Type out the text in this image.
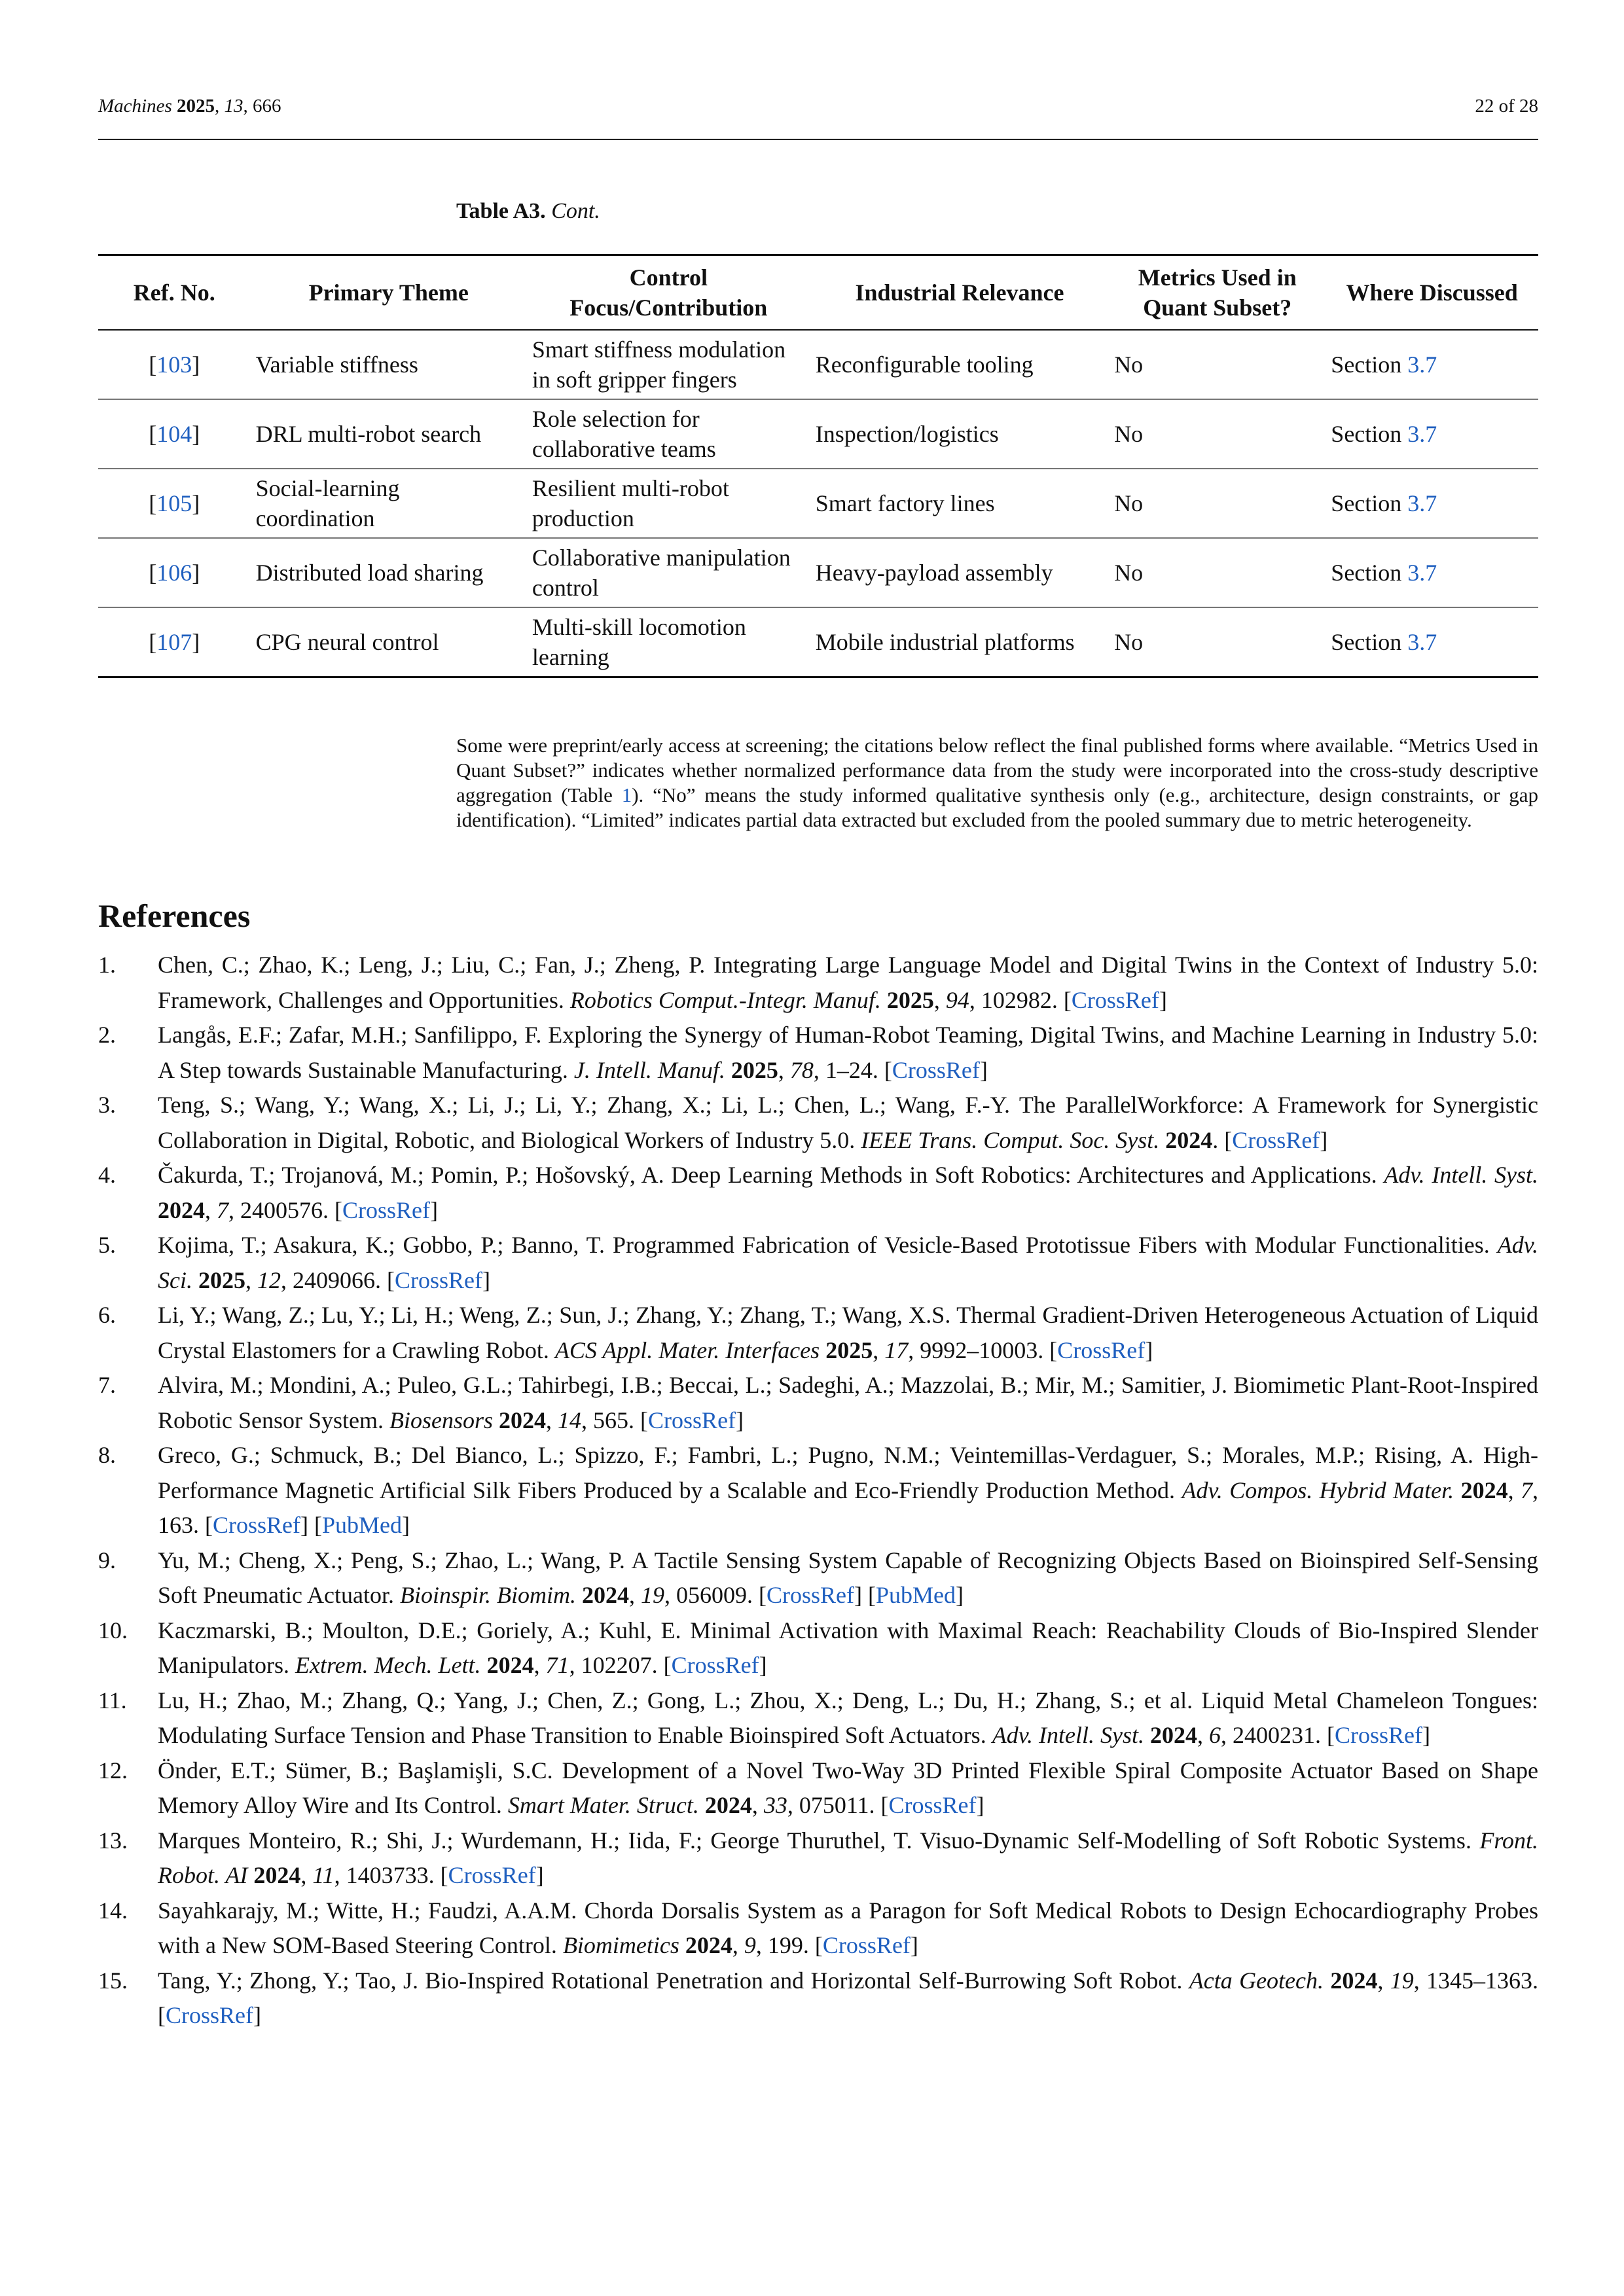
Machines 2025, 13, 666	22 of 28
Table A3. Cont.
Ref. No.	Primary Theme	Control Focus/Contribution	Industrial Relevance	Metrics Used in Quant Subset?	Where Discussed
[103]	Variable stiffness	Smart stiffness modulation in soft gripper fingers	Reconfigurable tooling	No	Section 3.7
[104]	DRL multi-robot search	Role selection for collaborative teams	Inspection/logistics	No	Section 3.7
[105]	Social-learning coordination	Resilient multi-robot production	Smart factory lines	No	Section 3.7
[106]	Distributed load sharing	Collaborative manipulation control	Heavy-payload assembly	No	Section 3.7
[107]	CPG neural control	Multi-skill locomotion learning	Mobile industrial platforms	No	Section 3.7
Some were preprint/early access at screening; the citations below reflect the final published forms where available. “Metrics Used in Quant Subset?” indicates whether normalized performance data from the study were incorporated into the cross-study descriptive aggregation (Table 1). “No” means the study informed qualitative synthesis only (e.g., architecture, design constraints, or gap identification). “Limited” indicates partial data extracted but excluded from the pooled summary due to metric heterogeneity.
References
1. Chen, C.; Zhao, K.; Leng, J.; Liu, C.; Fan, J.; Zheng, P. Integrating Large Language Model and Digital Twins in the Context of Industry 5.0: Framework, Challenges and Opportunities. Robotics Comput.-Integr. Manuf. 2025, 94, 102982. [CrossRef]
2. Langås, E.F.; Zafar, M.H.; Sanfilippo, F. Exploring the Synergy of Human-Robot Teaming, Digital Twins, and Machine Learning in Industry 5.0: A Step towards Sustainable Manufacturing. J. Intell. Manuf. 2025, 78, 1–24. [CrossRef]
3. Teng, S.; Wang, Y.; Wang, X.; Li, J.; Li, Y.; Zhang, X.; Li, L.; Chen, L.; Wang, F.-Y. The ParallelWorkforce: A Framework for Synergistic Collaboration in Digital, Robotic, and Biological Workers of Industry 5.0. IEEE Trans. Comput. Soc. Syst. 2024. [CrossRef]
4. Čakurda, T.; Trojanová, M.; Pomin, P.; Hošovský, A. Deep Learning Methods in Soft Robotics: Architectures and Applications. Adv. Intell. Syst. 2024, 7, 2400576. [CrossRef]
5. Kojima, T.; Asakura, K.; Gobbo, P.; Banno, T. Programmed Fabrication of Vesicle-Based Prototissue Fibers with Modular Functionalities. Adv. Sci. 2025, 12, 2409066. [CrossRef]
6. Li, Y.; Wang, Z.; Lu, Y.; Li, H.; Weng, Z.; Sun, J.; Zhang, Y.; Zhang, T.; Wang, X.S. Thermal Gradient-Driven Heterogeneous Actuation of Liquid Crystal Elastomers for a Crawling Robot. ACS Appl. Mater. Interfaces 2025, 17, 9992–10003. [CrossRef]
7. Alvira, M.; Mondini, A.; Puleo, G.L.; Tahirbegi, I.B.; Beccai, L.; Sadeghi, A.; Mazzolai, B.; Mir, M.; Samitier, J. Biomimetic Plant-Root-Inspired Robotic Sensor System. Biosensors 2024, 14, 565. [CrossRef]
8. Greco, G.; Schmuck, B.; Del Bianco, L.; Spizzo, F.; Fambri, L.; Pugno, N.M.; Veintemillas-Verdaguer, S.; Morales, M.P.; Rising, A. High-Performance Magnetic Artificial Silk Fibers Produced by a Scalable and Eco-Friendly Production Method. Adv. Compos. Hybrid Mater. 2024, 7, 163. [CrossRef] [PubMed]
9. Yu, M.; Cheng, X.; Peng, S.; Zhao, L.; Wang, P. A Tactile Sensing System Capable of Recognizing Objects Based on Bioinspired Self-Sensing Soft Pneumatic Actuator. Bioinspir. Biomim. 2024, 19, 056009. [CrossRef] [PubMed]
10. Kaczmarski, B.; Moulton, D.E.; Goriely, A.; Kuhl, E. Minimal Activation with Maximal Reach: Reachability Clouds of Bio-Inspired Slender Manipulators. Extrem. Mech. Lett. 2024, 71, 102207. [CrossRef]
11. Lu, H.; Zhao, M.; Zhang, Q.; Yang, J.; Chen, Z.; Gong, L.; Zhou, X.; Deng, L.; Du, H.; Zhang, S.; et al. Liquid Metal Chameleon Tongues: Modulating Surface Tension and Phase Transition to Enable Bioinspired Soft Actuators. Adv. Intell. Syst. 2024, 6, 2400231. [CrossRef]
12. Önder, E.T.; Sümer, B.; Başlamişli, S.C. Development of a Novel Two-Way 3D Printed Flexible Spiral Composite Actuator Based on Shape Memory Alloy Wire and Its Control. Smart Mater. Struct. 2024, 33, 075011. [CrossRef]
13. Marques Monteiro, R.; Shi, J.; Wurdemann, H.; Iida, F.; George Thuruthel, T. Visuo-Dynamic Self-Modelling of Soft Robotic Systems. Front. Robot. AI 2024, 11, 1403733. [CrossRef]
14. Sayahkarajy, M.; Witte, H.; Faudzi, A.A.M. Chorda Dorsalis System as a Paragon for Soft Medical Robots to Design Echocardiography Probes with a New SOM-Based Steering Control. Biomimetics 2024, 9, 199. [CrossRef]
15. Tang, Y.; Zhong, Y.; Tao, J. Bio-Inspired Rotational Penetration and Horizontal Self-Burrowing Soft Robot. Acta Geotech. 2024, 19, 1345–1363. [CrossRef]
